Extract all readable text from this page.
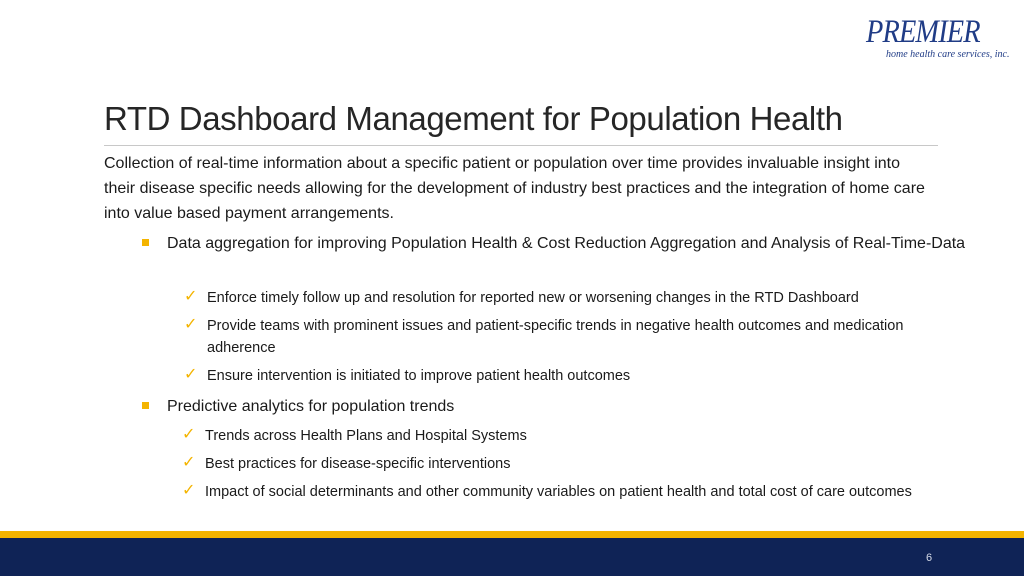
PREMIER
home health care services, inc.
RTD Dashboard Management for Population Health
Collection of real-time information about a specific patient or population over time provides invaluable insight into their disease specific needs allowing for the development of industry best practices and the integration of home care into value based payment arrangements.
Data aggregation for improving Population Health & Cost Reduction Aggregation and Analysis of Real-Time-Data
✓ Enforce timely follow up and resolution for reported new or worsening changes in the RTD Dashboard
✓ Provide teams with prominent issues and patient-specific trends in negative health outcomes and medication adherence
✓ Ensure intervention is initiated to improve patient health outcomes
Predictive analytics for population trends
✓ Trends across Health Plans and Hospital Systems
✓ Best practices for disease-specific interventions
✓ Impact of social determinants and other community variables on patient health and total cost of care outcomes
6
